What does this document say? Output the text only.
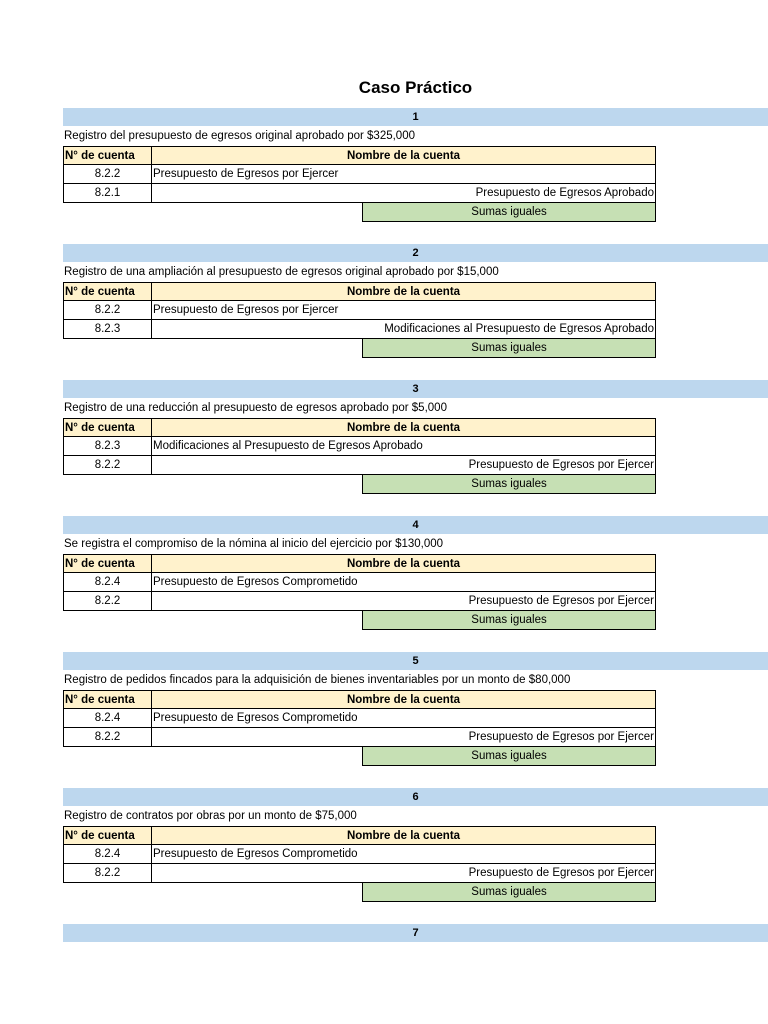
Caso Práctico
1
Registro del presupuesto de egresos original aprobado por $325,000
N° de cuenta	Nombre de la cuenta
8.2.2	Presupuesto de Egresos por Ejercer
8.2.1	Presupuesto de Egresos Aprobado
Sumas iguales
2
Registro de una ampliación al presupuesto de egresos original aprobado por $15,000
N° de cuenta	Nombre de la cuenta
8.2.2	Presupuesto de Egresos por Ejercer
8.2.3	Modificaciones al Presupuesto de Egresos Aprobado
Sumas iguales
3
Registro de una reducción al presupuesto de egresos aprobado por $5,000
N° de cuenta	Nombre de la cuenta
8.2.3	Modificaciones al Presupuesto de Egresos Aprobado
8.2.2	Presupuesto de Egresos por Ejercer
Sumas iguales
4
Se registra el compromiso de la nómina al inicio del ejercicio por $130,000
N° de cuenta	Nombre de la cuenta
8.2.4	Presupuesto de Egresos Comprometido
8.2.2	Presupuesto de Egresos por Ejercer
Sumas iguales
5
Registro de pedidos fincados para la adquisición de bienes inventariables por un monto de $80,000
N° de cuenta	Nombre de la cuenta
8.2.4	Presupuesto de Egresos Comprometido
8.2.2	Presupuesto de Egresos por Ejercer
Sumas iguales
6
Registro de contratos por obras por un monto de $75,000
N° de cuenta	Nombre de la cuenta
8.2.4	Presupuesto de Egresos Comprometido
8.2.2	Presupuesto de Egresos por Ejercer
Sumas iguales
7
